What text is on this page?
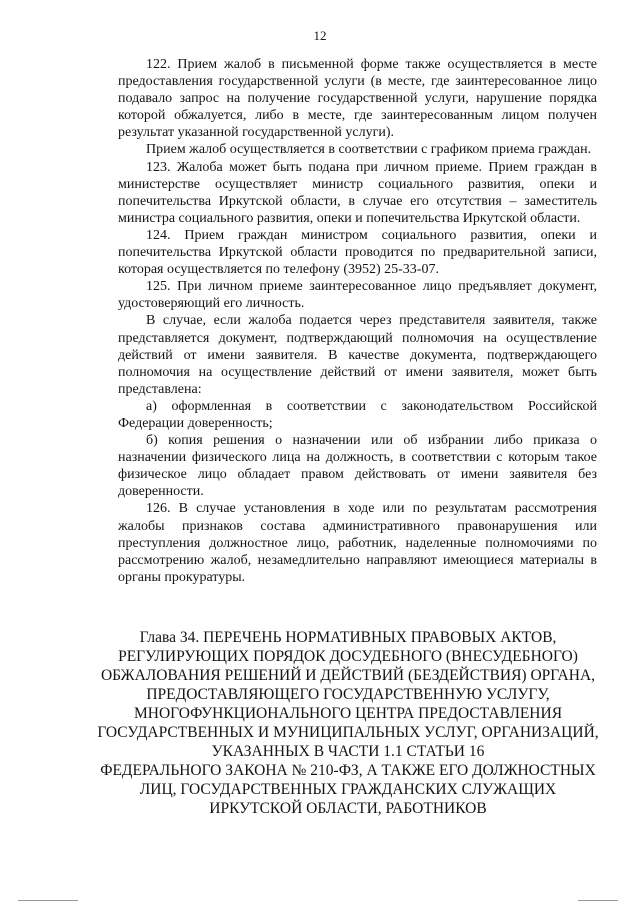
12

122. Прием жалоб в письменной форме также осуществляется в месте предоставления государственной услуги (в месте, где заинтересованное лицо подавало запрос на получение государственной услуги, нарушение порядка которой обжалуется, либо в месте, где заинтересованным лицом получен результат указанной государственной услуги).

Прием жалоб осуществляется в соответствии с графиком приема граждан.

123. Жалоба может быть подана при личном приеме. Прием граждан в министерстве осуществляет министр социального развития, опеки и попечительства Иркутской области, в случае его отсутствия – заместитель министра социального развития, опеки и попечительства Иркутской области.

124. Прием граждан министром социального развития, опеки и попечительства Иркутской области проводится по предварительной записи, которая осуществляется по телефону (3952) 25-33-07.

125. При личном приеме заинтересованное лицо предъявляет документ, удостоверяющий его личность.

В случае, если жалоба подается через представителя заявителя, также представляется документ, подтверждающий полномочия на осуществление действий от имени заявителя. В качестве документа, подтверждающего полномочия на осуществление действий от имени заявителя, может быть представлена:

а) оформленная в соответствии с законодательством Российской Федерации доверенность;

б) копия решения о назначении или об избрании либо приказа о назначении физического лица на должность, в соответствии с которым такое физическое лицо обладает правом действовать от имени заявителя без доверенности.

126. В случае установления в ходе или по результатам рассмотрения жалобы признаков состава административного правонарушения или преступления должностное лицо, работник, наделенные полномочиями по рассмотрению жалоб, незамедлительно направляют имеющиеся материалы в органы прокуратуры.

Глава 34. ПЕРЕЧЕНЬ НОРМАТИВНЫХ ПРАВОВЫХ АКТОВ,
РЕГУЛИРУЮЩИХ ПОРЯДОК ДОСУДЕБНОГО (ВНЕСУДЕБНОГО)
ОБЖАЛОВАНИЯ РЕШЕНИЙ И ДЕЙСТВИЙ (БЕЗДЕЙСТВИЯ) ОРГАНА,
ПРЕДОСТАВЛЯЮЩЕГО ГОСУДАРСТВЕННУЮ УСЛУГУ,
МНОГОФУНКЦИОНАЛЬНОГО ЦЕНТРА ПРЕДОСТАВЛЕНИЯ
ГОСУДАРСТВЕННЫХ И МУНИЦИПАЛЬНЫХ УСЛУГ, ОРГАНИЗАЦИЙ,
УКАЗАННЫХ В ЧАСТИ 1.1 СТАТЬИ 16
ФЕДЕРАЛЬНОГО ЗАКОНА № 210-ФЗ, А ТАКЖЕ ЕГО ДОЛЖНОСТНЫХ
ЛИЦ, ГОСУДАРСТВЕННЫХ ГРАЖДАНСКИХ СЛУЖАЩИХ
ИРКУТСКОЙ ОБЛАСТИ, РАБОТНИКОВ
